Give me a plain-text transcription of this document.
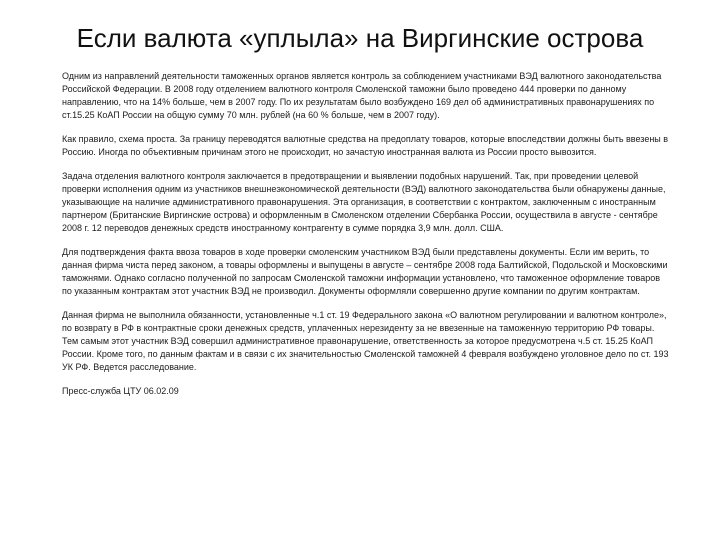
Если валюта «уплыла» на Виргинские острова

Одним из направлений деятельности таможенных органов является контроль за соблюдением участниками ВЭД валютного законодательства Российской Федерации. В 2008 году отделением валютного контроля Смоленской таможни было проведено 444 проверки по данному направлению, что на 14% больше, чем в 2007 году. По их результатам было возбуждено 169 дел об административных правонарушениях по ст.15.25 КоАП России на общую сумму 70 млн. рублей (на 60 % больше, чем в 2007 году).

Как правило, схема проста. За границу переводятся валютные средства на предоплату товаров, которые впоследствии должны быть ввезены в Россию. Иногда по объективным причинам этого не происходит, но зачастую иностранная валюта из России просто вывозится.

Задача отделения валютного контроля заключается в предотвращении и выявлении подобных нарушений. Так, при проведении целевой проверки исполнения одним из участников внешнеэкономической деятельности (ВЭД) валютного законодательства были обнаружены данные, указывающие на наличие административного правонарушения. Эта организация, в соответствии с контрактом, заключенным с иностранным партнером (Британские Виргинские острова) и оформленным в Смоленском отделении Сбербанка России, осуществила в августе - сентябре 2008 г. 12 переводов денежных средств иностранному контрагенту в сумме порядка 3,9 млн. долл. США.

Для подтверждения факта ввоза товаров в ходе проверки смоленским участником ВЭД были представлены документы. Если им верить, то данная фирма чиста перед законом, а товары оформлены и выпущены в августе – сентябре 2008 года Балтийской, Подольской и Московскими таможнями. Однако согласно полученной по запросам Смоленской таможни информации установлено, что таможенное оформление товаров по указанным контрактам этот участник ВЭД не производил. Документы оформляли совершенно другие компании по другим контрактам.

Данная фирма не выполнила обязанности, установленные ч.1 ст. 19 Федерального закона «О валютном регулировании и валютном контроле», по возврату в РФ в контрактные сроки денежных средств, уплаченных нерезиденту за не ввезенные на таможенную территорию РФ товары. Тем самым этот участник ВЭД совершил административное правонарушение, ответственность за которое предусмотрена ч.5 ст. 15.25 КоАП России. Кроме того, по данным фактам и в связи с их значительностью Смоленской таможней 4 февраля возбуждено уголовное дело по ст. 193 УК РФ. Ведется расследование.

Пресс-служба ЦТУ 06.02.09
